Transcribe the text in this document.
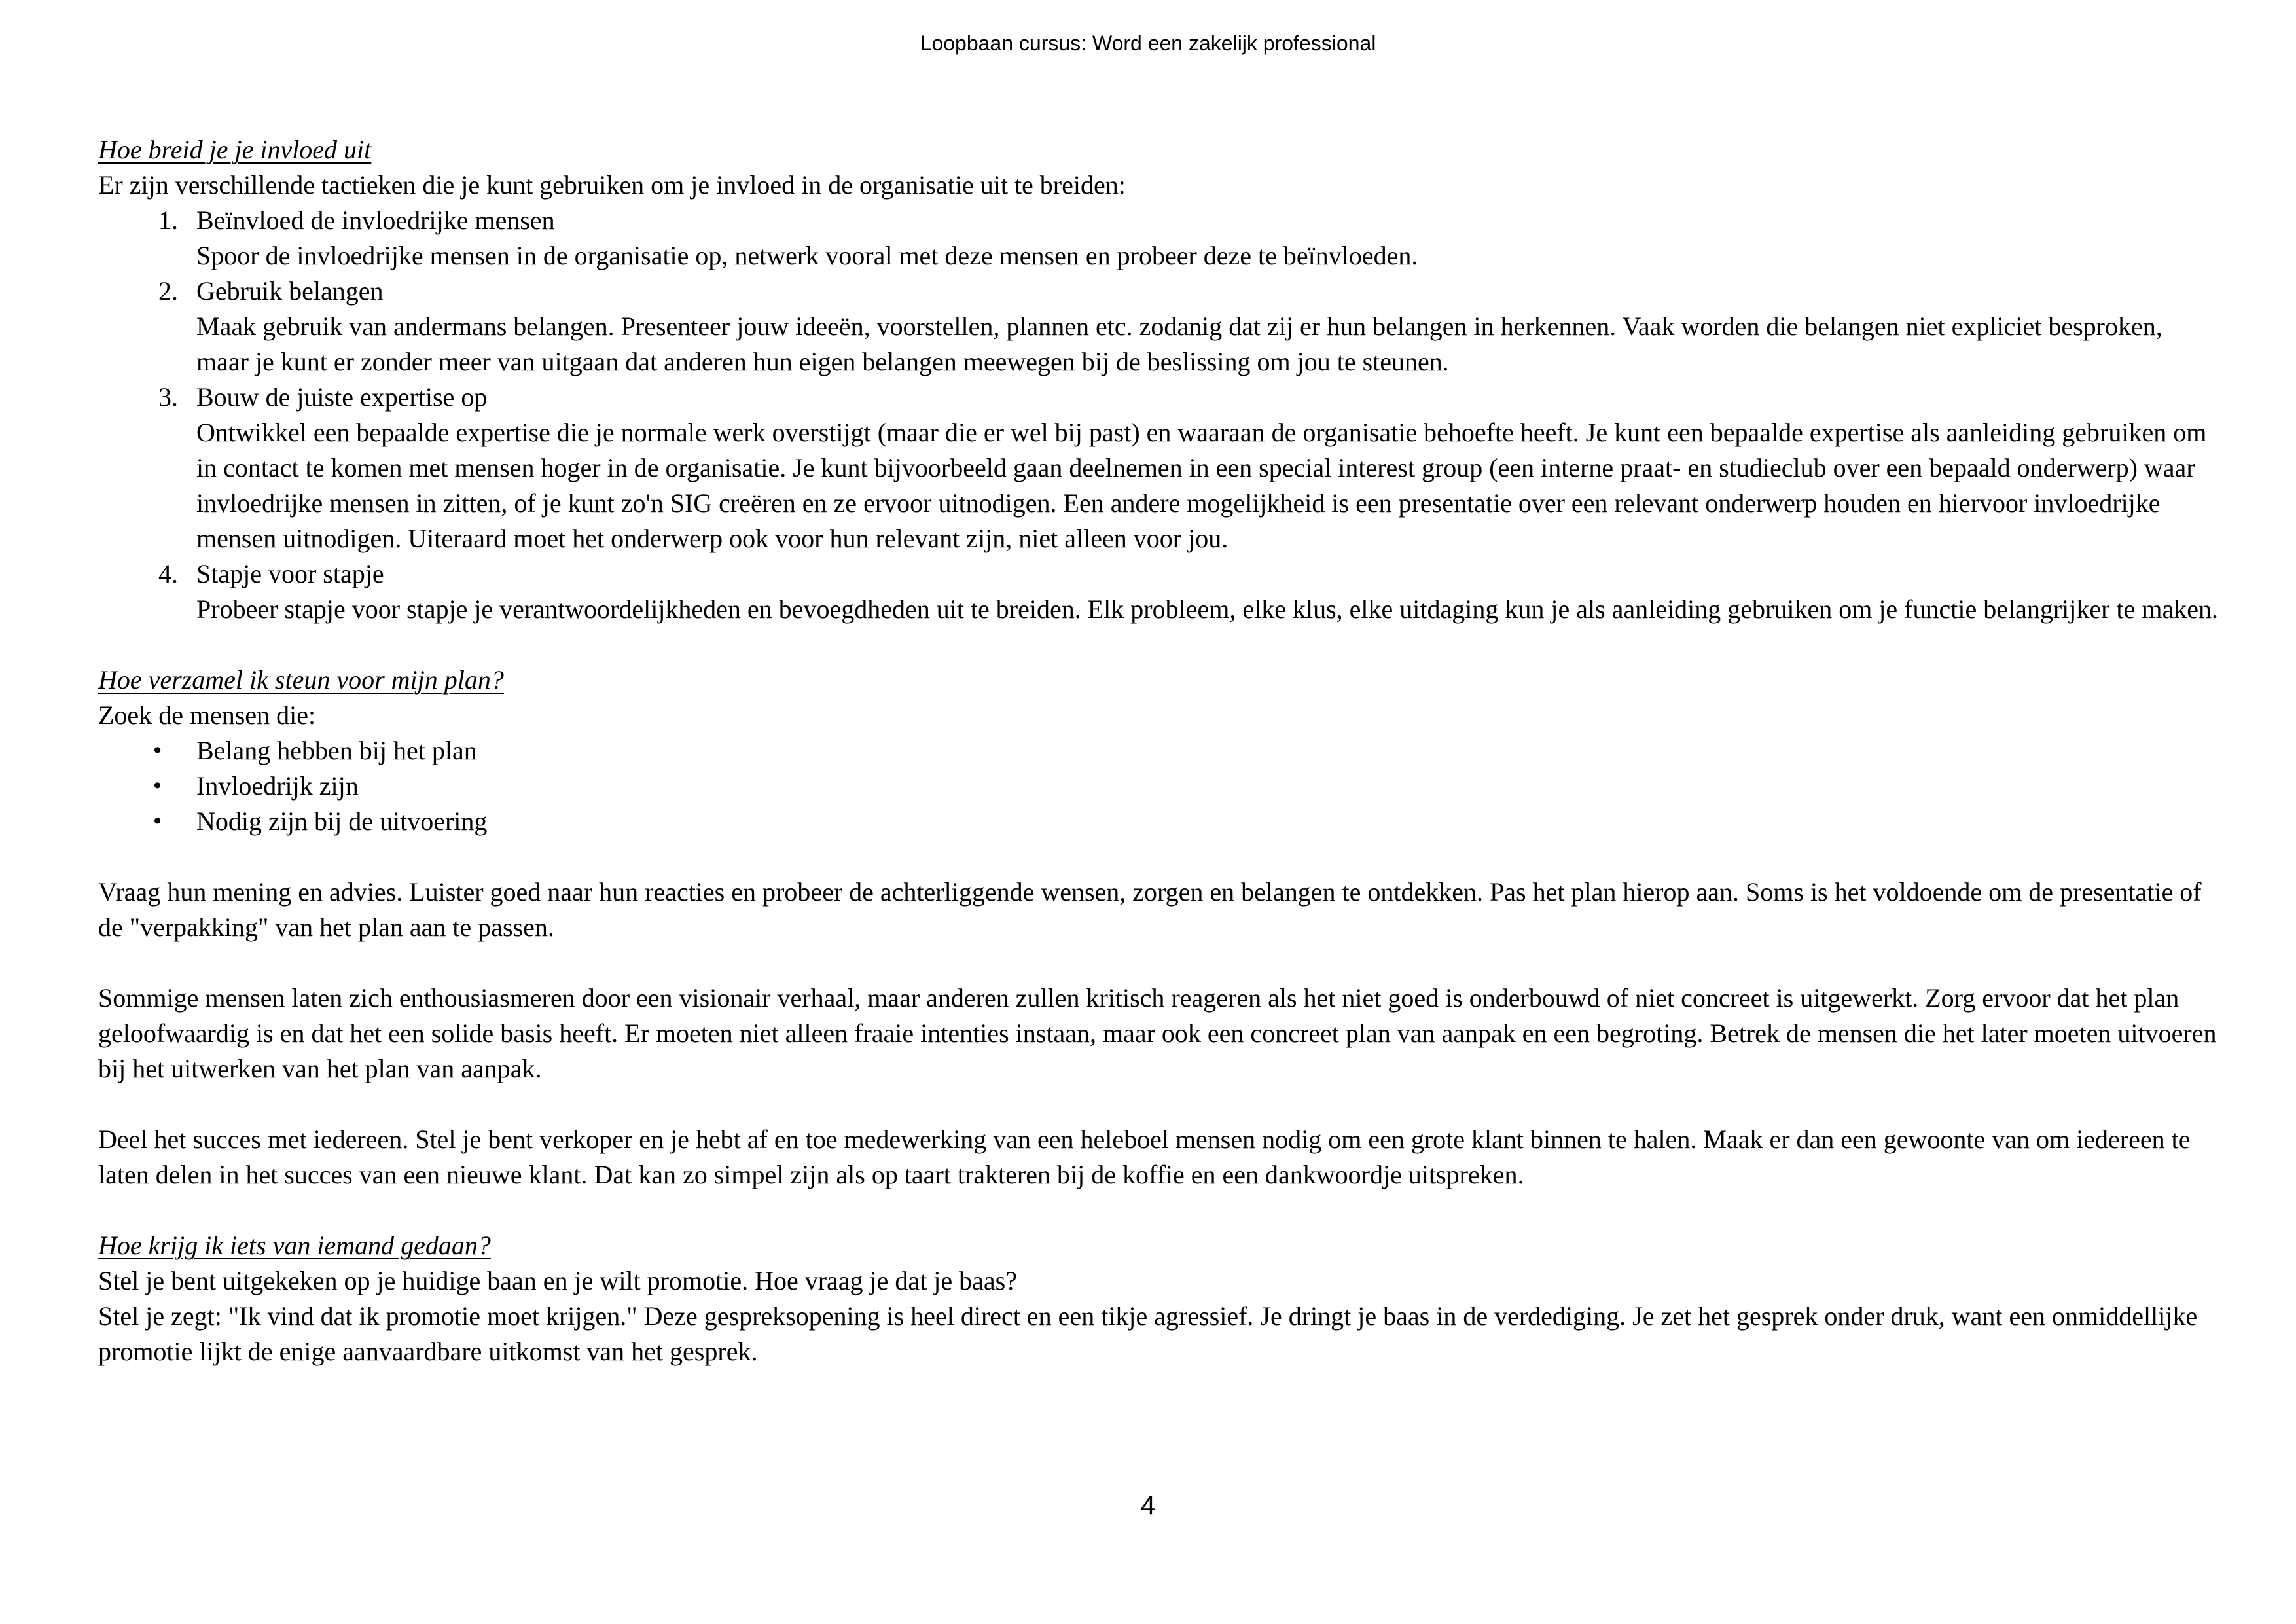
Loopbaan cursus: Word een zakelijk professional
Hoe breid je je invloed uit
Er zijn verschillende tactieken die je kunt gebruiken om je invloed in de organisatie uit te breiden:
1. Beïnvloed de invloedrijke mensen
Spoor de invloedrijke mensen in de organisatie op, netwerk vooral met deze mensen en probeer deze te beïnvloeden.
2. Gebruik belangen
Maak gebruik van andermans belangen. Presenteer jouw ideeën, voorstellen, plannen etc. zodanig dat zij er hun belangen in herkennen. Vaak worden die belangen niet expliciet besproken, maar je kunt er zonder meer van uitgaan dat anderen hun eigen belangen meewegen bij de beslissing om jou te steunen.
3. Bouw de juiste expertise op
Ontwikkel een bepaalde expertise die je normale werk overstijgt (maar die er wel bij past) en waaraan de organisatie behoefte heeft. Je kunt een bepaalde expertise als aanleiding gebruiken om in contact te komen met mensen hoger in de organisatie. Je kunt bijvoorbeeld gaan deelnemen in een special interest group (een interne praat- en studieclub over een bepaald onderwerp) waar invloedrijke mensen in zitten, of je kunt zo'n SIG creëren en ze ervoor uitnodigen. Een andere mogelijkheid is een presentatie over een relevant onderwerp houden en hiervoor invloedrijke mensen uitnodigen. Uiteraard moet het onderwerp ook voor hun relevant zijn, niet alleen voor jou.
4. Stapje voor stapje
Probeer stapje voor stapje je verantwoordelijkheden en bevoegdheden uit te breiden. Elk probleem, elke klus, elke uitdaging kun je als aanleiding gebruiken om je functie belangrijker te maken.
Hoe verzamel ik steun voor mijn plan?
Zoek de mensen die:
•	Belang hebben bij het plan
•	Invloedrijk zijn
•	Nodig zijn bij de uitvoering
Vraag hun mening en advies. Luister goed naar hun reacties en probeer de achterliggende wensen, zorgen en belangen te ontdekken. Pas het plan hierop aan. Soms is het voldoende om de presentatie of de "verpakking" van het plan aan te passen.
Sommige mensen laten zich enthousiasmeren door een visionair verhaal, maar anderen zullen kritisch reageren als het niet goed is onderbouwd of niet concreet is uitgewerkt. Zorg ervoor dat het plan geloofwaardig is en dat het een solide basis heeft. Er moeten niet alleen fraaie intenties instaan, maar ook een concreet plan van aanpak en een begroting. Betrek de mensen die het later moeten uitvoeren bij het uitwerken van het plan van aanpak.
Deel het succes met iedereen. Stel je bent verkoper en je hebt af en toe medewerking van een heleboel mensen nodig om een grote klant binnen te halen. Maak er dan een gewoonte van om iedereen te laten delen in het succes van een nieuwe klant. Dat kan zo simpel zijn als op taart trakteren bij de koffie en een dankwoordje uitspreken.
Hoe krijg ik iets van iemand gedaan?
Stel je bent uitgekeken op je huidige baan en je wilt promotie. Hoe vraag je dat je baas?
Stel je zegt: "Ik vind dat ik promotie moet krijgen." Deze gespreksopening is heel direct en een tikje agressief. Je dringt je baas in de verdediging. Je zet het gesprek onder druk, want een onmiddellijke promotie lijkt de enige aanvaardbare uitkomst van het gesprek.
4
